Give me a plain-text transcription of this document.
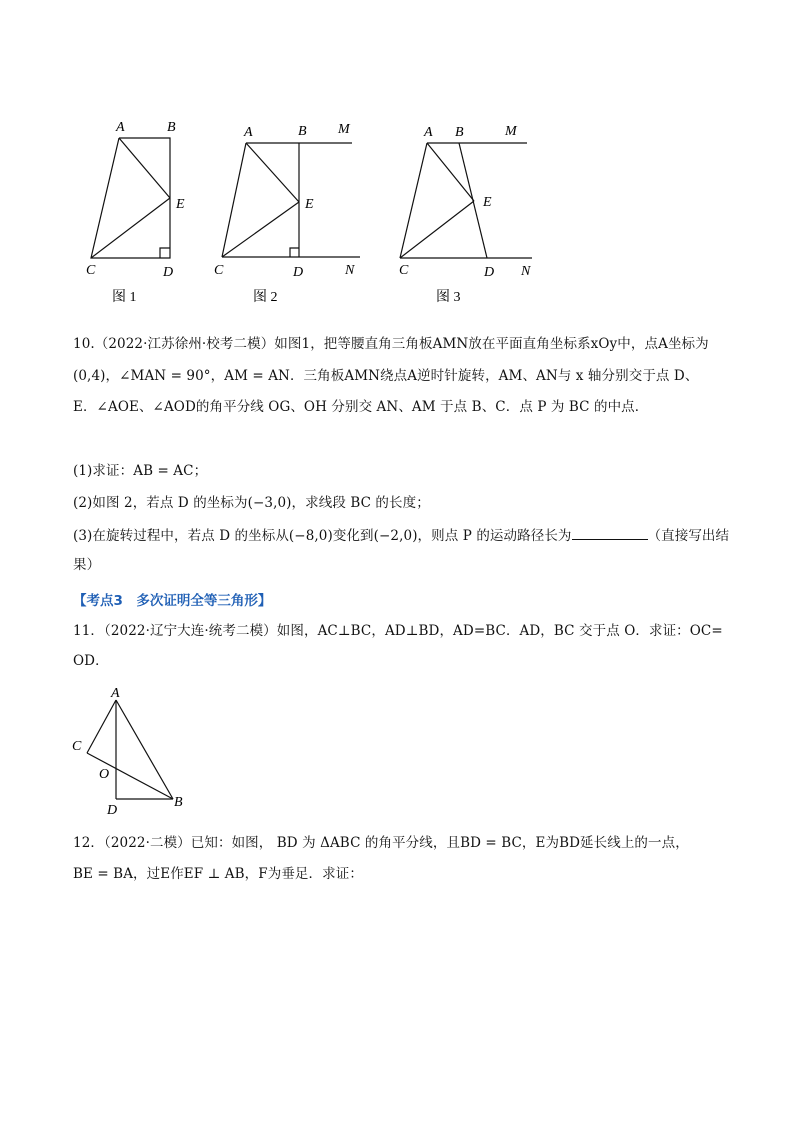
A	B
E
C	D
图 1
A	B M
E
C	D	N
图 2
A B	M
E
C	D N
图 3
10.（2022·江苏徐州·校考二模）如图1，把等腰直角三角板AMN放在平面直角坐标系xOy中，点A坐标为
(0,4)，∠MAN = 90°，AM = AN．三角板AMN绕点A逆时针旋转，AM、AN与 x 轴分别交于点 D、
E．∠AOE、∠AOD的角平分线 OG、OH 分别交 AN、AM 于点 B、C．点 P 为 BC 的中点．
(1)求证：AB = AC；
(2)如图 2，若点 D 的坐标为(−3,0)，求线段 BC 的长度；
(3)在旋转过程中，若点 D 的坐标从(−8,0)变化到(−2,0)，则点 P 的运动路径长为	（直接写出结
果）
【考点3　多次证明全等三角形】
11．（2022·辽宁大连·统考二模）如图，AC⊥BC，AD⊥BD，AD=BC．AD，BC 交于点 O．求证：OC=
OD．
A
C
O
D
B
12．（2022·二模）已知：如图， BD 为 ΔABC 的角平分线，且BD = BC，E为BD延长线上的一点，
BE = BA，过E作EF ⊥ AB，F为垂足．求证：
